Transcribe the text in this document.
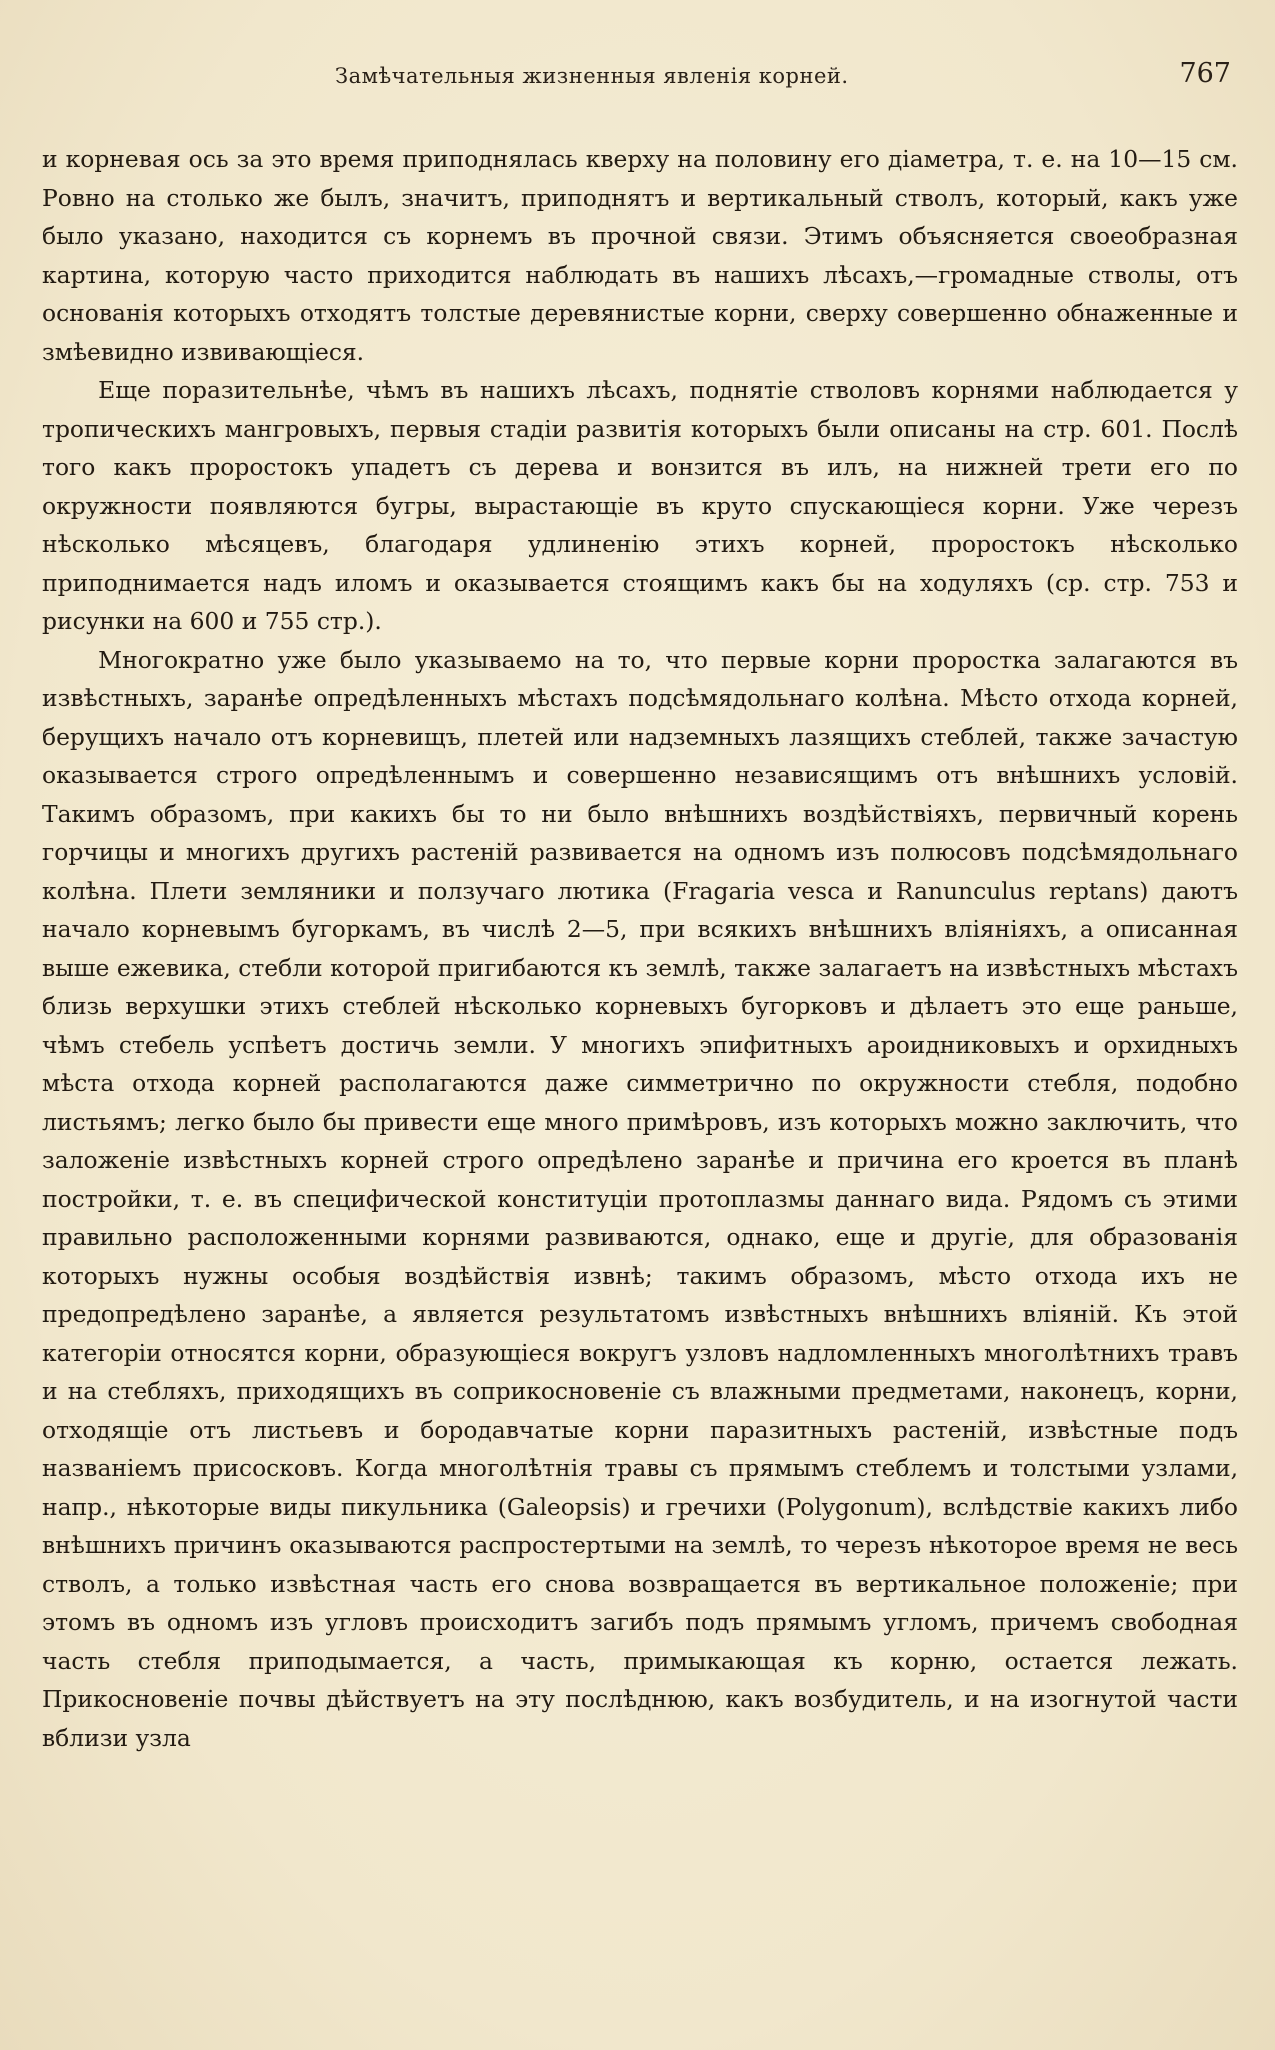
Замѣчательныя жизненныя явленія корней.	767

и корневая ось за это время приподнялась кверху на половину его діаметра, т. е. на 10—15 см. Ровно на столько же былъ, значитъ, приподнятъ и вертикальный стволъ, который, какъ уже было указано, находится съ корнемъ въ прочной связи. Этимъ объясняется своеобразная картина, которую часто приходится наблюдать въ нашихъ лѣсахъ,—громадные стволы, отъ основанія которыхъ отходятъ толстые деревянистые корни, сверху совершенно обнаженные и змѣевидно извивающіеся.

Еще поразительнѣе, чѣмъ въ нашихъ лѣсахъ, поднятіе стволовъ корнями наблюдается у тропическихъ мангровыхъ, первыя стадіи развитія которыхъ были описаны на стр. 601. Послѣ того какъ проростокъ упадетъ съ дерева и вонзится въ илъ, на нижней трети его по окружности появляются бугры, вырастающіе въ круто спускающіеся корни. Уже черезъ нѣсколько мѣсяцевъ, благодаря удлиненію этихъ корней, проростокъ нѣсколько приподнимается надъ иломъ и оказывается стоящимъ какъ бы на ходуляхъ (ср. стр. 753 и рисунки на 600 и 755 стр.).

Многократно уже было указываемо на то, что первые корни проростка залагаются въ извѣстныхъ, заранѣе опредѣленныхъ мѣстахъ подсѣмядольнаго колѣна. Мѣсто отхода корней, берущихъ начало отъ корневищъ, плетей или надземныхъ лазящихъ стеблей, также зачастую оказывается строго опредѣленнымъ и совершенно независящимъ отъ внѣшнихъ условій. Такимъ образомъ, при какихъ бы то ни было внѣшнихъ воздѣйствіяхъ, первичный корень горчицы и многихъ другихъ растеній развивается на одномъ изъ полюсовъ подсѣмядольнаго колѣна. Плети земляники и ползучаго лютика (Fragaria vesca и Ranunculus reptans) даютъ начало корневымъ бугоркамъ, въ числѣ 2—5, при всякихъ внѣшнихъ вліяніяхъ, а описанная выше ежевика, стебли которой пригибаются къ землѣ, также залагаетъ на извѣстныхъ мѣстахъ близь верхушки этихъ стеблей нѣсколько корневыхъ бугорковъ и дѣлаетъ это еще раньше, чѣмъ стебель успѣетъ достичь земли. У многихъ эпифитныхъ ароидниковыхъ и орхидныхъ мѣста отхода корней располагаются даже симметрично по окружности стебля, подобно листьямъ; легко было бы привести еще много примѣровъ, изъ которыхъ можно заключить, что заложеніе извѣстныхъ корней строго опредѣлено заранѣе и причина его кроется въ планѣ постройки, т. е. въ специфической конституціи протоплазмы даннаго вида. Рядомъ съ этими правильно расположенными корнями развиваются, однако, еще и другіе, для образованія которыхъ нужны особыя воздѣйствія извнѣ; такимъ образомъ, мѣсто отхода ихъ не предопредѣлено заранѣе, а является результатомъ извѣстныхъ внѣшнихъ вліяній. Къ этой категоріи относятся корни, образующіеся вокругъ узловъ надломленныхъ многолѣтнихъ травъ и на стебляхъ, приходящихъ въ соприкосновеніе съ влажными предметами, наконецъ, корни, отходящіе отъ листьевъ и бородавчатые корни паразитныхъ растеній, извѣстные подъ названіемъ присосковъ. Когда многолѣтнія травы съ прямымъ стеблемъ и толстыми узлами, напр., нѣкоторые виды пикульника (Galeopsis) и гречихи (Polygonum), вслѣдствіе какихъ либо внѣшнихъ причинъ оказываются распростертыми на землѣ, то черезъ нѣкоторое время не весь стволъ, а только извѣстная часть его снова возвращается въ вертикальное положеніе; при этомъ въ одномъ изъ угловъ происходитъ загибъ подъ прямымъ угломъ, причемъ свободная часть стебля приподымается, а часть, примыкающая къ корню, остается лежать. Прикосновеніе почвы дѣйствуетъ на эту послѣднюю, какъ возбудитель, и на изогнутой части вблизи узла
